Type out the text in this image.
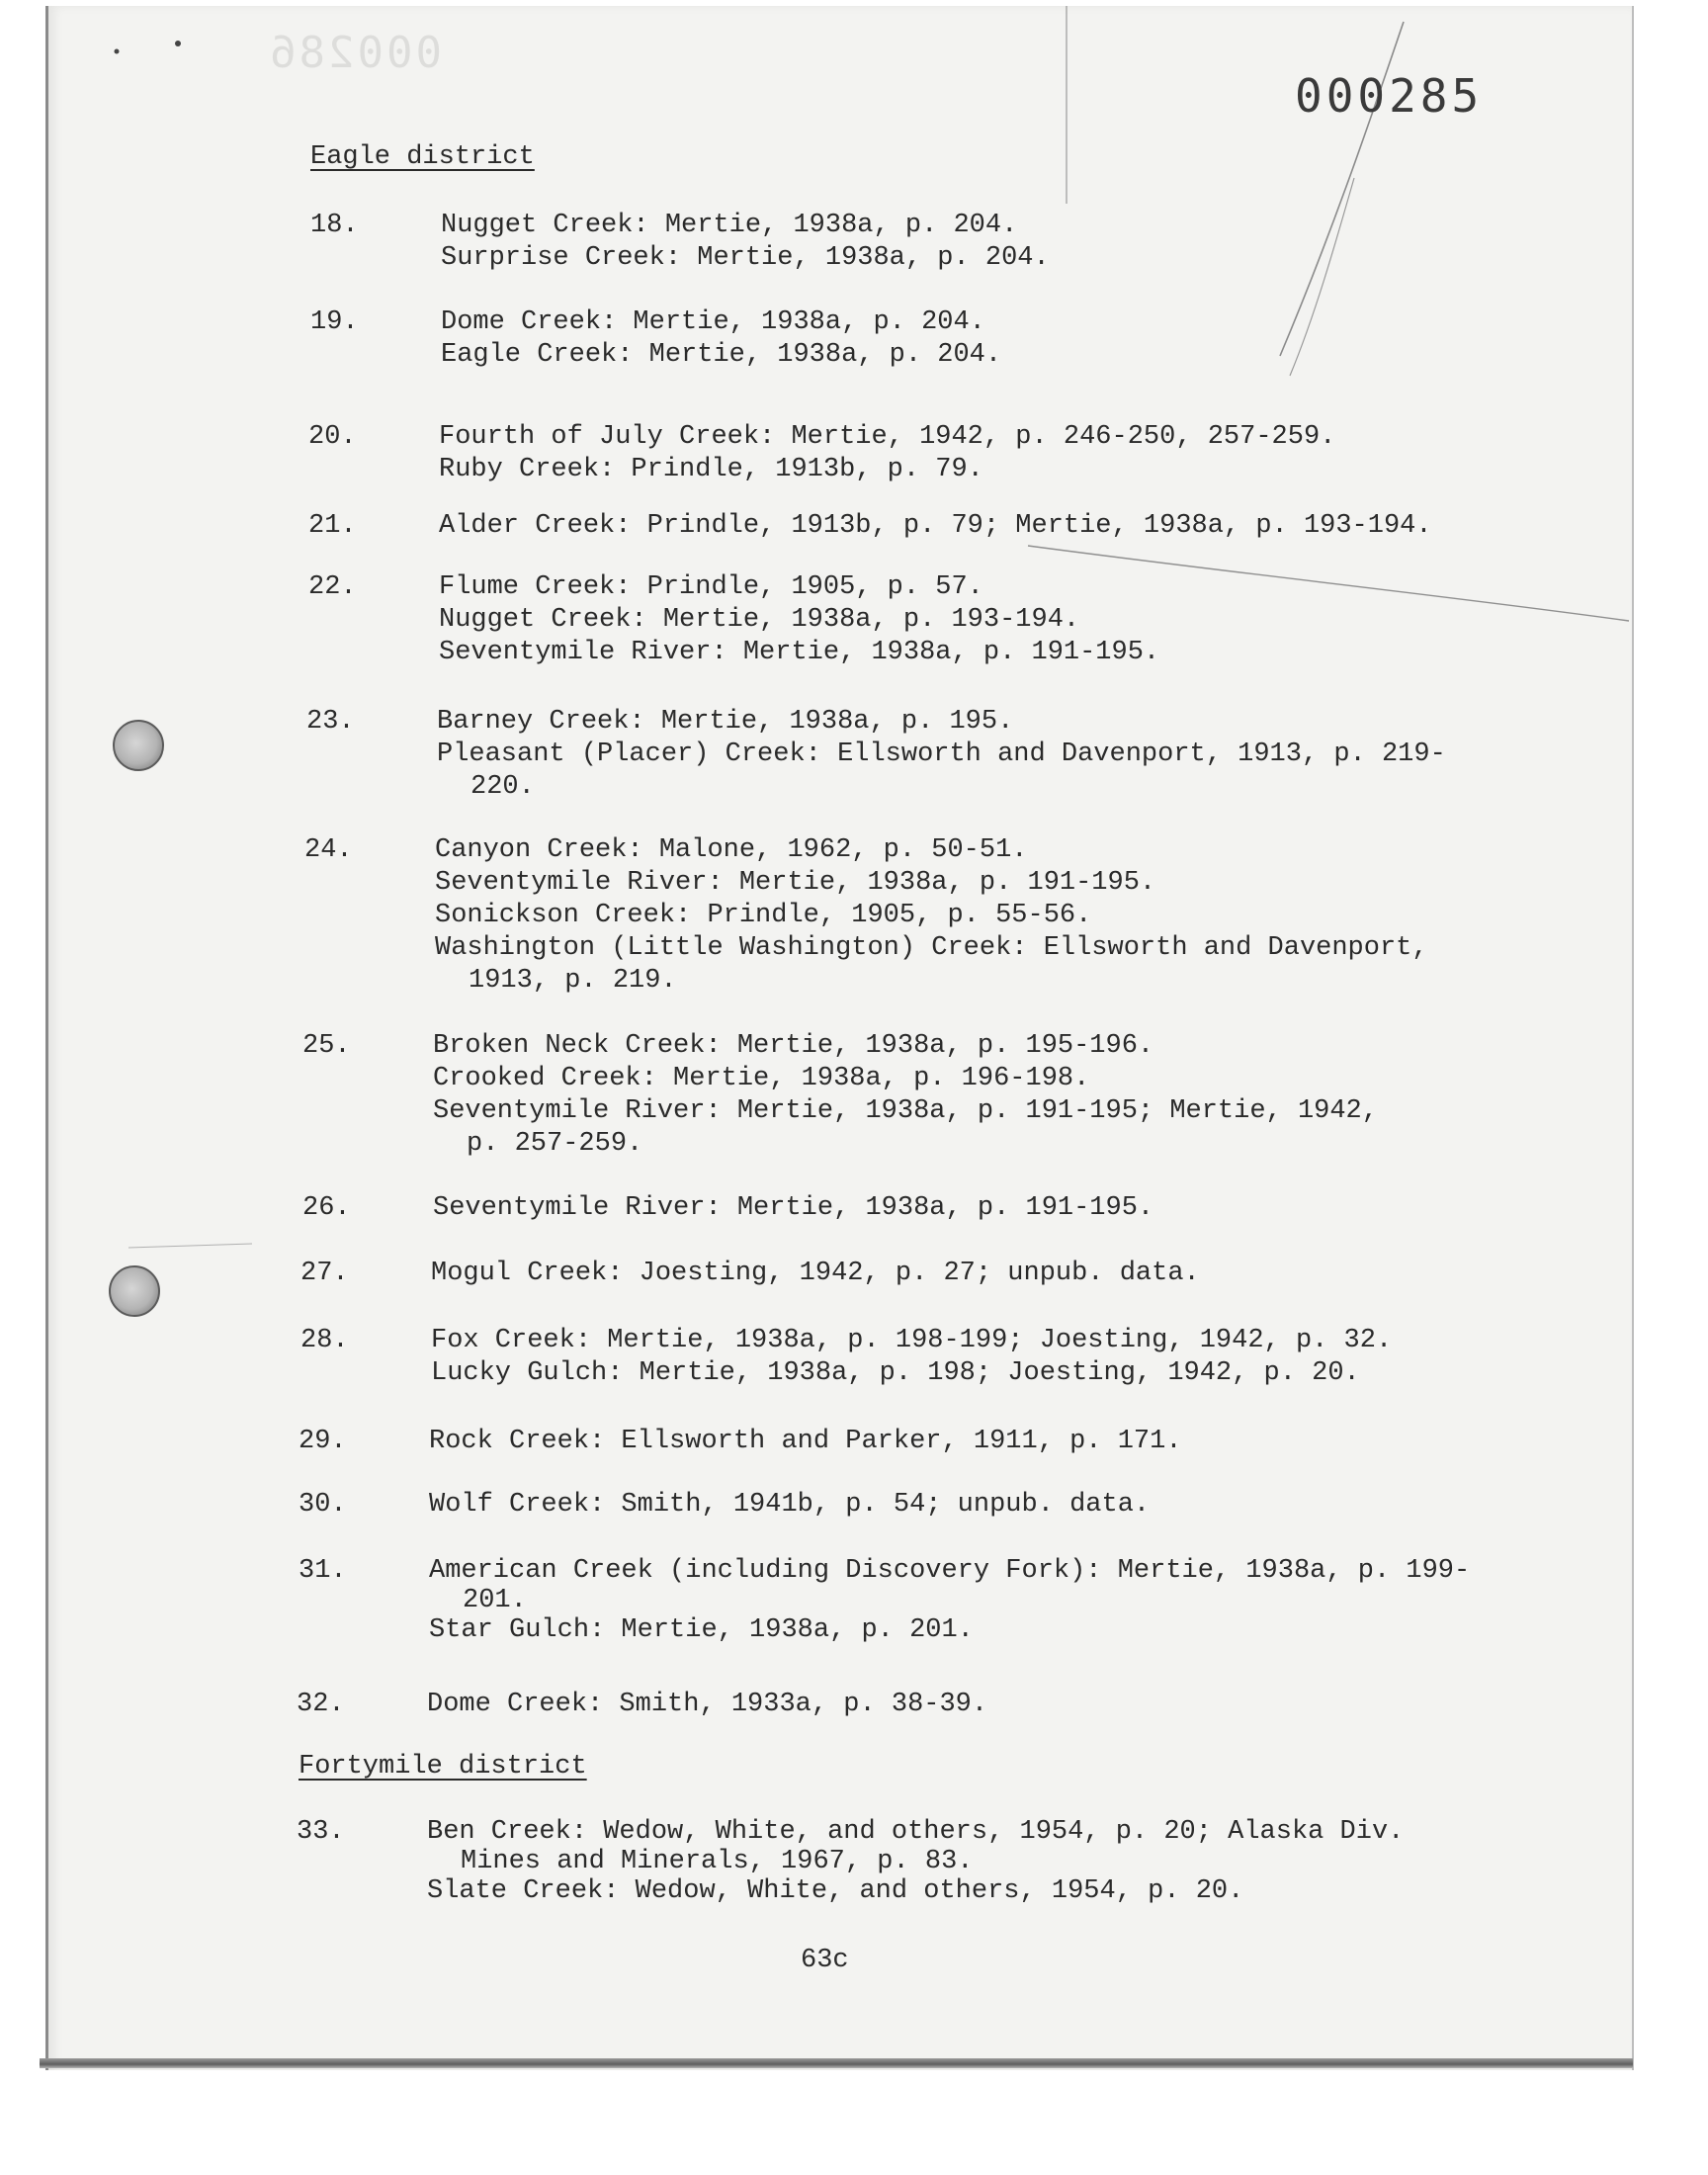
000286
000285
Eagle district
18.	Nugget Creek: Mertie, 1938a, p. 204.
Surprise Creek: Mertie, 1938a, p. 204.
19.	Dome Creek: Mertie, 1938a, p. 204.
Eagle Creek: Mertie, 1938a, p. 204.
20.	Fourth of July Creek: Mertie, 1942, p. 246-250, 257-259.
Ruby Creek: Prindle, 1913b, p. 79.
21.	Alder Creek: Prindle, 1913b, p. 79; Mertie, 1938a, p. 193-194.
22.	Flume Creek: Prindle, 1905, p. 57.
Nugget Creek: Mertie, 1938a, p. 193-194.
Seventymile River: Mertie, 1938a, p. 191-195.
23.	Barney Creek: Mertie, 1938a, p. 195.
Pleasant (Placer) Creek: Ellsworth and Davenport, 1913, p. 219-
220.
24.	Canyon Creek: Malone, 1962, p. 50-51.
Seventymile River: Mertie, 1938a, p. 191-195.
Sonickson Creek: Prindle, 1905, p. 55-56.
Washington (Little Washington) Creek: Ellsworth and Davenport,
1913, p. 219.
25.	Broken Neck Creek: Mertie, 1938a, p. 195-196.
Crooked Creek: Mertie, 1938a, p. 196-198.
Seventymile River: Mertie, 1938a, p. 191-195; Mertie, 1942,
p. 257-259.
26.	Seventymile River: Mertie, 1938a, p. 191-195.
27.	Mogul Creek: Joesting, 1942, p. 27; unpub. data.
28.	Fox Creek: Mertie, 1938a, p. 198-199; Joesting, 1942, p. 32.
Lucky Gulch: Mertie, 1938a, p. 198; Joesting, 1942, p. 20.
29.	Rock Creek: Ellsworth and Parker, 1911, p. 171.
30.	Wolf Creek: Smith, 1941b, p. 54; unpub. data.
31.	American Creek (including Discovery Fork): Mertie, 1938a, p. 199-
201.
Star Gulch: Mertie, 1938a, p. 201.
32.	Dome Creek: Smith, 1933a, p. 38-39.
Fortymile district
33.	Ben Creek: Wedow, White, and others, 1954, p. 20; Alaska Div.
Mines and Minerals, 1967, p. 83.
Slate Creek: Wedow, White, and others, 1954, p. 20.
63c
